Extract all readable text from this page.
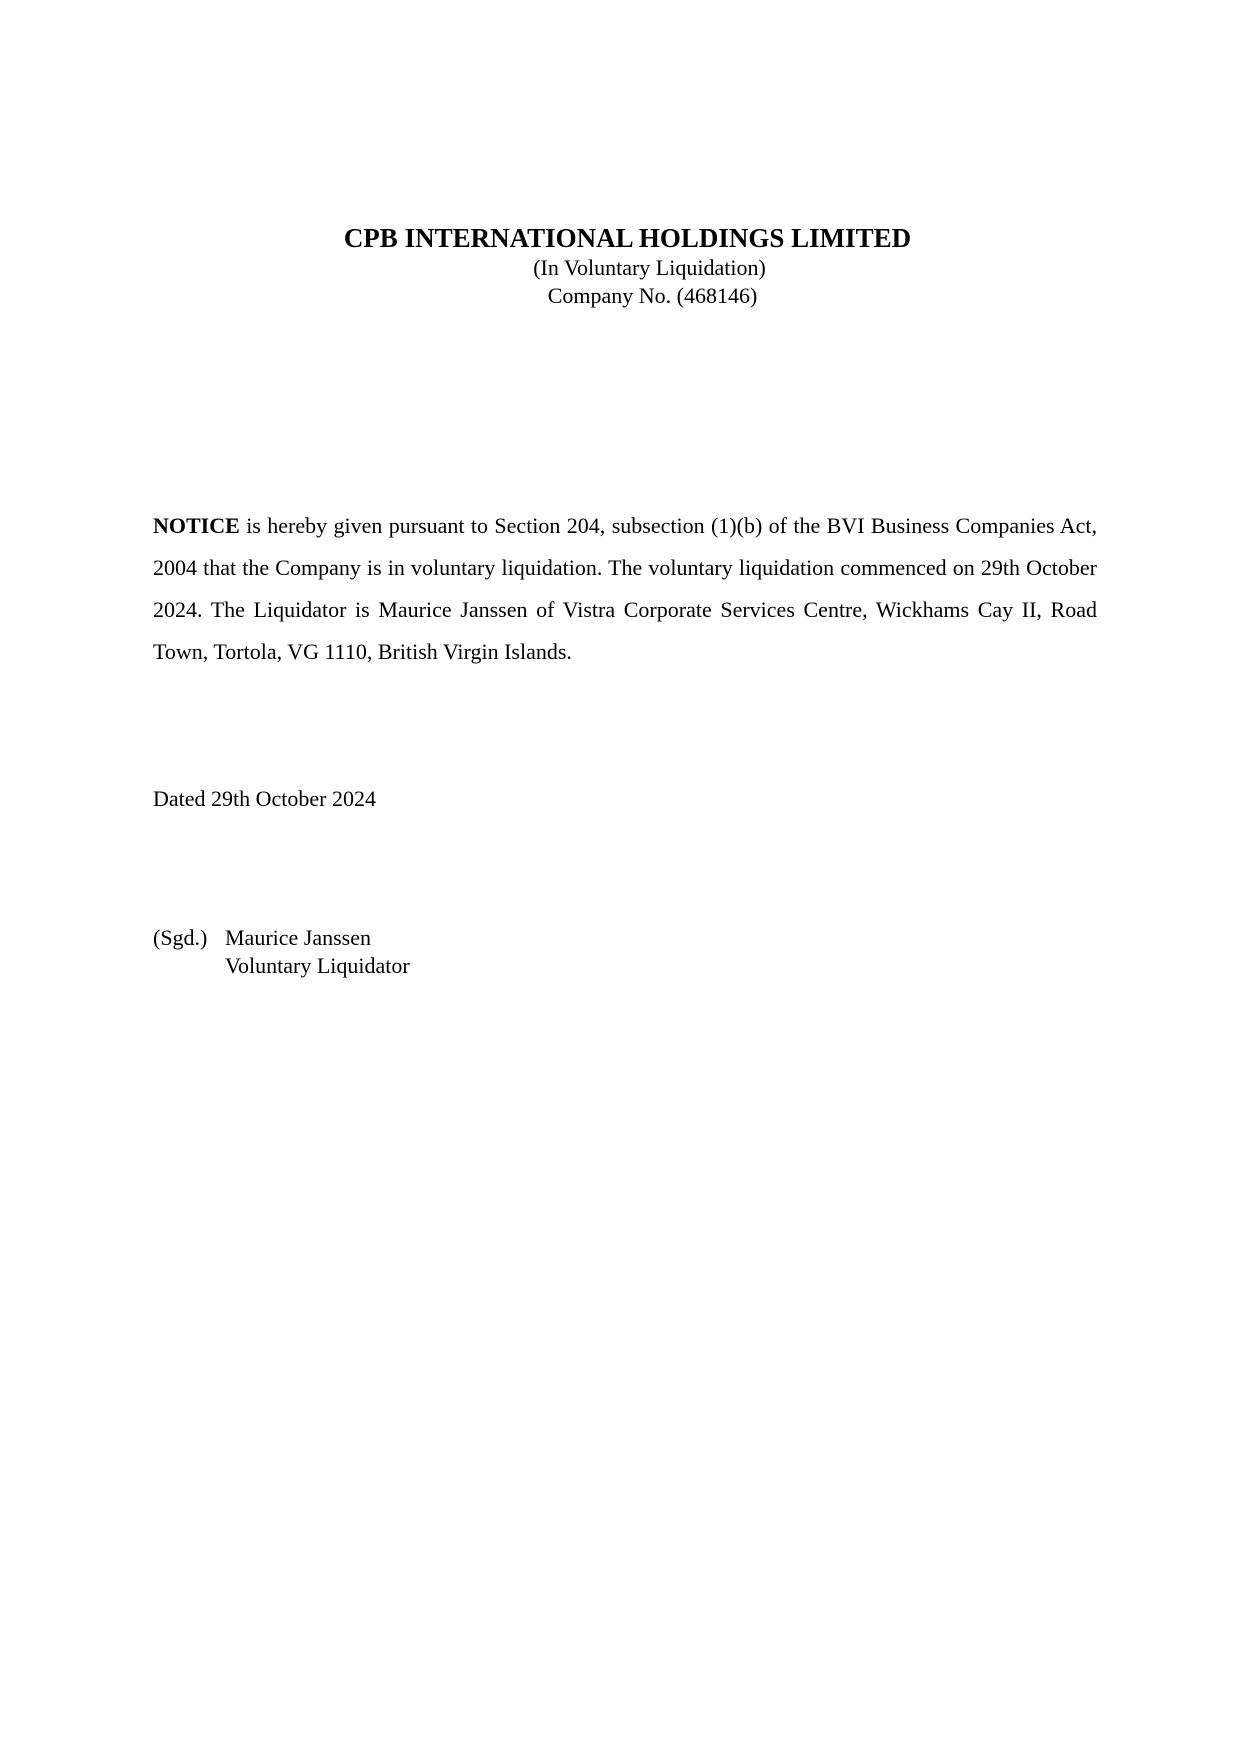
CPB INTERNATIONAL HOLDINGS LIMITED
(In Voluntary Liquidation)
Company No. (468146)

NOTICE is hereby given pursuant to Section 204, subsection (1)(b) of the BVI Business Companies Act, 2004 that the Company is in voluntary liquidation. The voluntary liquidation commenced on 29th October 2024. The Liquidator is Maurice Janssen of Vistra Corporate Services Centre, Wickhams Cay II, Road Town, Tortola, VG 1110, British Virgin Islands.

Dated 29th October 2024
(Sgd.) Maurice Janssen
Voluntary Liquidator
